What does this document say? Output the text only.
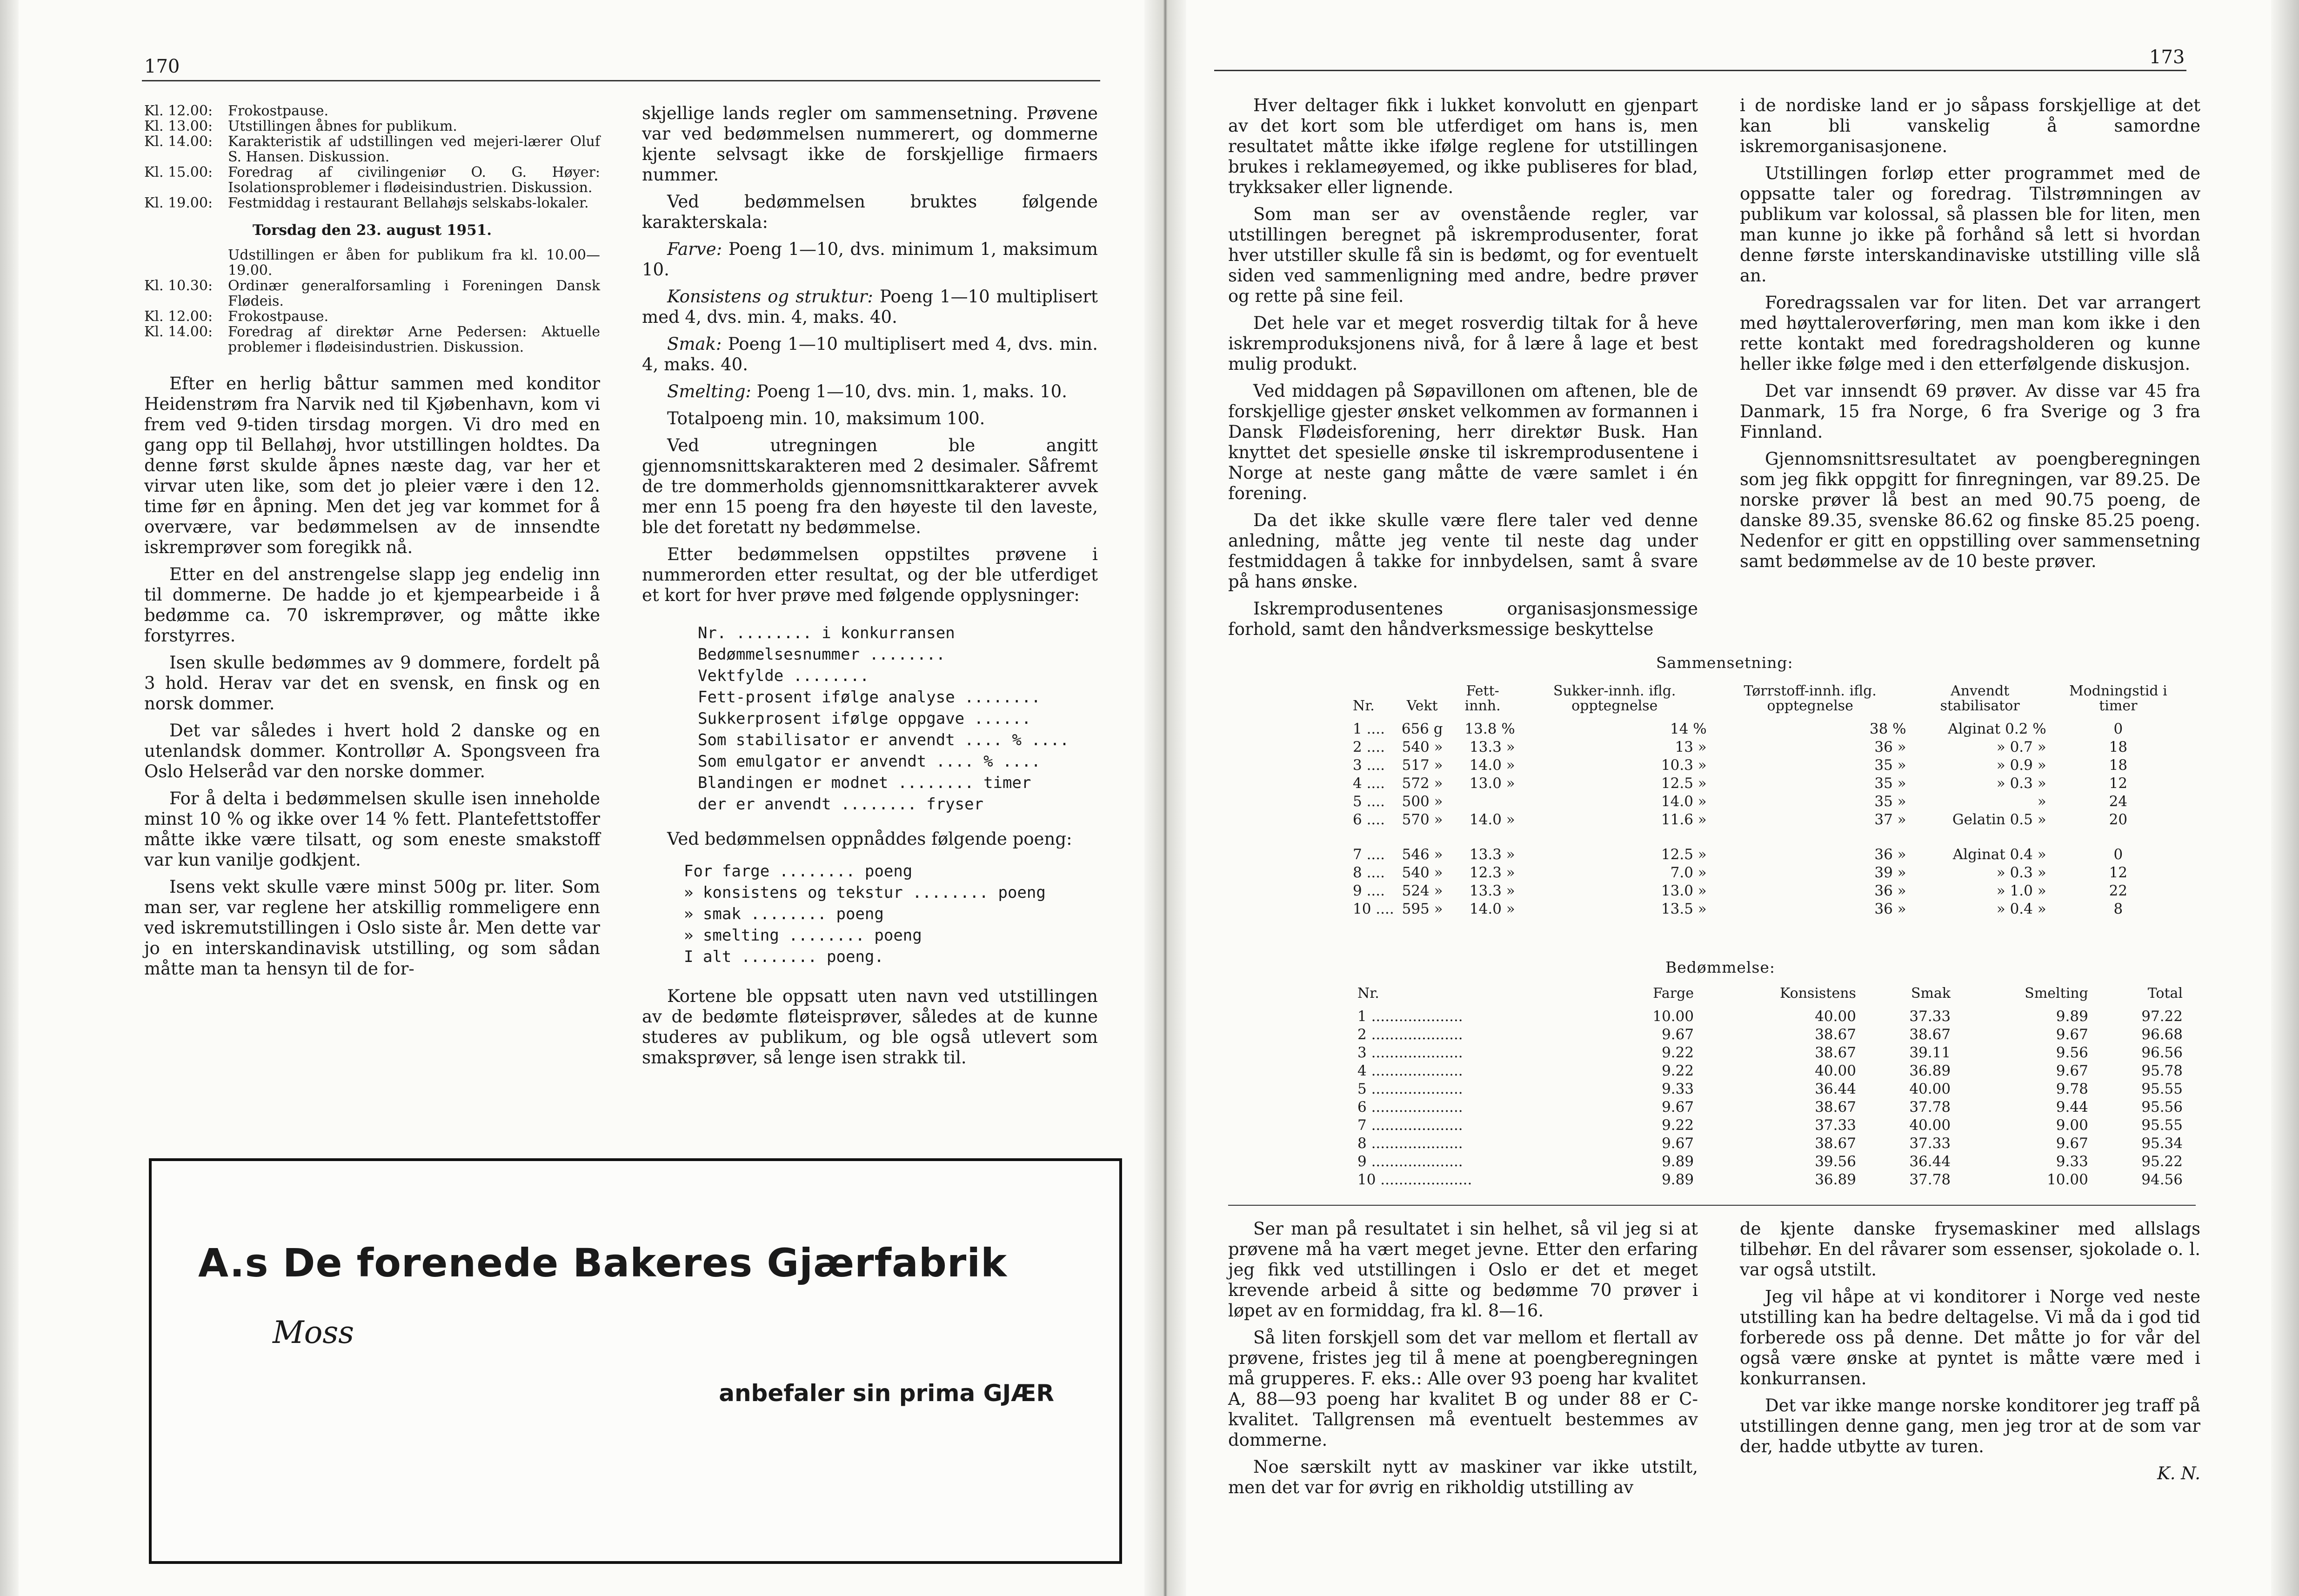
170
Kl. 12.00:	Frokostpause.
Kl. 13.00:	Utstillingen åbnes for publikum.
Kl. 14.00:	Karakteristik af udstillingen ved mejeri-lærer Oluf S. Hansen. Diskussion.
Kl. 15.00:	Foredrag af civilingeniør O. G. Høyer: Isolationsproblemer i flødeisindustrien. Diskussion.
Kl. 19.00:	Festmiddag i restaurant Bellahøjs selskabs-lokaler.
Torsdag den 23. august 1951.
Udstillingen er åben for publikum fra kl. 10.00—19.00.
Kl. 10.30:	Ordinær generalforsamling i Foreningen Dansk Flødeis.
Kl. 12.00:	Frokostpause.
Kl. 14.00:	Foredrag af direktør Arne Pedersen: Aktuelle problemer i flødeisindustrien. Diskussion.

Efter en herlig båttur sammen med konditor Heidenstrøm fra Narvik ned til Kjøbenhavn, kom vi frem ved 9-tiden tirsdag morgen. Vi dro med en gang opp til Bellahøj, hvor utstillingen holdtes. Da denne først skulde åpnes næste dag, var her et virvar uten like, som det jo pleier være i den 12. time før en åpning. Men det jeg var kommet for å overvære, var bedømmelsen av de innsendte iskremprøver som foregikk nå.

Etter en del anstrengelse slapp jeg endelig inn til dommerne. De hadde jo et kjempearbeide i å bedømme ca. 70 iskremprøver, og måtte ikke forstyrres.

Isen skulle bedømmes av 9 dommere, fordelt på 3 hold. Herav var det en svensk, en finsk og en norsk dommer.

Det var således i hvert hold 2 danske og en utenlandsk dommer. Kontrollør A. Spongsveen fra Oslo Helseråd var den norske dommer.

For å delta i bedømmelsen skulle isen inneholde minst 10 % og ikke over 14 % fett. Plantefettstoffer måtte ikke være tilsatt, og som eneste smakstoff var kun vanilje godkjent.

Isens vekt skulle være minst 500g pr. liter. Som man ser, var reglene her atskillig rommeligere enn ved iskremutstillingen i Oslo siste år. Men dette var jo en interskandinavisk utstilling, og som sådan måtte man ta hensyn til de for-

skjellige lands regler om sammensetning. Prøvene var ved bedømmelsen nummerert, og dommerne kjente selvsagt ikke de forskjellige firmaers nummer.

Ved bedømmelsen bruktes følgende karakterskala:

Farve: Poeng 1—10, dvs. minimum 1, maksimum 10.

Konsistens og struktur: Poeng 1—10 multiplisert med 4, dvs. min. 4, maks. 40.

Smak: Poeng 1—10 multiplisert med 4, dvs. min. 4, maks. 40.

Smelting: Poeng 1—10, dvs. min. 1, maks. 10.

Totalpoeng min. 10, maksimum 100.

Ved utregningen ble angitt gjennomsnittskarakteren med 2 desimaler. Såfremt de tre dommerholds gjennomsnittkarakterer avvek mer enn 15 poeng fra den høyeste til den laveste, ble det foretatt ny bedømmelse.

Etter bedømmelsen oppstiltes prøvene i nummerorden etter resultat, og der ble utferdiget et kort for hver prøve med følgende opplysninger:

Nr. ........ i konkurransen
Bedømmelsesnummer ........
Vektfylde ........
Fett-prosent ifølge analyse ........
Sukkerprosent ifølge oppgave ......
Som stabilisator er anvendt .... % ....
Som emulgator er anvendt .... % ....
Blandingen er modnet ........ timer
der er anvendt ........ fryser

Ved bedømmelsen oppnåddes følgende poeng:

For farge ........ poeng
» konsistens og tekstur ........ poeng
» smak ........ poeng
» smelting ........ poeng
I alt ........ poeng.

Kortene ble oppsatt uten navn ved utstillingen av de bedømte fløteisprøver, således at de kunne studeres av publikum, og ble også utlevert som smaksprøver, så lenge isen strakk til.

A.s De forenede Bakeres Gjærfabrik
Moss
anbefaler sin prima GJÆR
173

Hver deltager fikk i lukket konvolutt en gjenpart av det kort som ble utferdiget om hans is, men resultatet måtte ikke ifølge reglene for utstillingen brukes i reklameøyemed, og ikke publiseres for blad, trykksaker eller lignende.

Som man ser av ovenstående regler, var utstillingen beregnet på iskremprodusenter, forat hver utstiller skulle få sin is bedømt, og for eventuelt siden ved sammenligning med andre, bedre prøver og rette på sine feil.

Det hele var et meget rosverdig tiltak for å heve iskremproduksjonens nivå, for å lære å lage et best mulig produkt.

Ved middagen på Søpavillonen om aftenen, ble de forskjellige gjester ønsket velkommen av formannen i Dansk Flødeisforening, herr direktør Busk. Han knyttet det spesielle ønske til iskremprodusentene i Norge at neste gang måtte de være samlet i én forening.

Da det ikke skulle være flere taler ved denne anledning, måtte jeg vente til neste dag under festmiddagen å takke for innbydelsen, samt å svare på hans ønske.

Iskremprodusentenes organisasjonsmessige forhold, samt den håndverksmessige beskyttelse

i de nordiske land er jo såpass forskjellige at det kan bli vanskelig å samordne iskremorganisasjonene.

Utstillingen forløp etter programmet med de oppsatte taler og foredrag. Tilstrømningen av publikum var kolossal, så plassen ble for liten, men man kunne jo ikke på forhånd så lett si hvordan denne første interskandinaviske utstilling ville slå an.

Foredragssalen var for liten. Det var arrangert med høyttaleroverføring, men man kom ikke i den rette kontakt med foredragsholderen og kunne heller ikke følge med i den etterfølgende diskusjon.

Det var innsendt 69 prøver. Av disse var 45 fra Danmark, 15 fra Norge, 6 fra Sverige og 3 fra Finnland.

Gjennomsnittsresultatet av poengberegningen som jeg fikk oppgitt for finregningen, var 89.25. De norske prøver lå best an med 90.75 poeng, de danske 89.35, svenske 86.62 og finske 85.25 poeng. Nedenfor er gitt en oppstilling over sammensetning samt bedømmelse av de 10 beste prøver.

Sammensetning:
Nr.	Vekt	Fett-innh.	Sukker-innh. iflg. opptegnelse	Tørrstoff-innh. iflg. opptegnelse	Anvendt stabilisator	Modningstid i timer
1 ....	656 g	13.8 %	14 %	38 %	Alginat 0.2 %	0
2 ....	540 »	13.3 »	13 »	36 »	» 0.7 »	18
3 ....	517 »	14.0 »	10.3 »	35 »	» 0.9 »	18
4 ....	572 »	13.0 »	12.5 »	35 »	» 0.3 »	12
5 ....	500 »		14.0 »	35 »	»	24
6 ....	570 »	14.0 »	11.6 »	37 »	Gelatin 0.5 »	20
7 ....	546 »	13.3 »	12.5 »	36 »	Alginat 0.4 »	0
8 ....	540 »	12.3 »	7.0 »	39 »	» 0.3 »	12
9 ....	524 »	13.3 »	13.0 »	36 »	» 1.0 »	22
10 ....	595 »	14.0 »	13.5 »	36 »	» 0.4 »	8
Bedømmelse:
Nr.	Farge	Konsistens	Smak	Smelting	Total
1 ....................	10.00	40.00	37.33	9.89	97.22
2 ....................	9.67	38.67	38.67	9.67	96.68
3 ....................	9.22	38.67	39.11	9.56	96.56
4 ....................	9.22	40.00	36.89	9.67	95.78
5 ....................	9.33	36.44	40.00	9.78	95.55
6 ....................	9.67	38.67	37.78	9.44	95.56
7 ....................	9.22	37.33	40.00	9.00	95.55
8 ....................	9.67	38.67	37.33	9.67	95.34
9 ....................	9.89	39.56	36.44	9.33	95.22
10 ....................	9.89	36.89	37.78	10.00	94.56

Ser man på resultatet i sin helhet, så vil jeg si at prøvene må ha vært meget jevne. Etter den erfaring jeg fikk ved utstillingen i Oslo er det et meget krevende arbeid å sitte og bedømme 70 prøver i løpet av en formiddag, fra kl. 8—16.

Så liten forskjell som det var mellom et flertall av prøvene, fristes jeg til å mene at poengberegningen må grupperes. F. eks.: Alle over 93 poeng har kvalitet A, 88—93 poeng har kvalitet B og under 88 er C-kvalitet. Tallgrensen må eventuelt bestemmes av dommerne.

Noe særskilt nytt av maskiner var ikke utstilt, men det var for øvrig en rikholdig utstilling av

de kjente danske frysemaskiner med allslags tilbehør. En del råvarer som essenser, sjokolade o. l. var også utstilt.

Jeg vil håpe at vi konditorer i Norge ved neste utstilling kan ha bedre deltagelse. Vi må da i god tid forberede oss på denne. Det måtte jo for vår del også være ønske at pyntet is måtte være med i konkurransen.

Det var ikke mange norske konditorer jeg traff på utstillingen denne gang, men jeg tror at de som var der, hadde utbytte av turen.

K. N.
